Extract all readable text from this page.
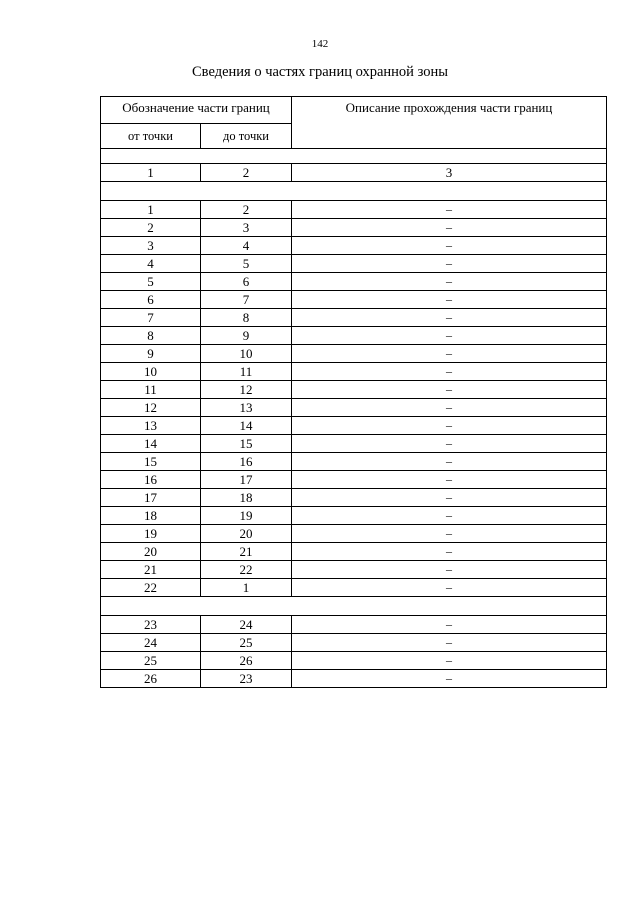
142
Сведения о частях границ охранной зоны
Обозначение части границ		Описание прохождения части границ
от точки	до точки	

1	2	3

1	2	–
2	3	–
3	4	–
4	5	–
5	6	–
6	7	–
7	8	–
8	9	–
9	10	–
10	11	–
11	12	–
12	13	–
13	14	–
14	15	–
15	16	–
16	17	–
17	18	–
18	19	–
19	20	–
20	21	–
21	22	–
22	1	–

23	24	–
24	25	–
25	26	–
26	23	–
